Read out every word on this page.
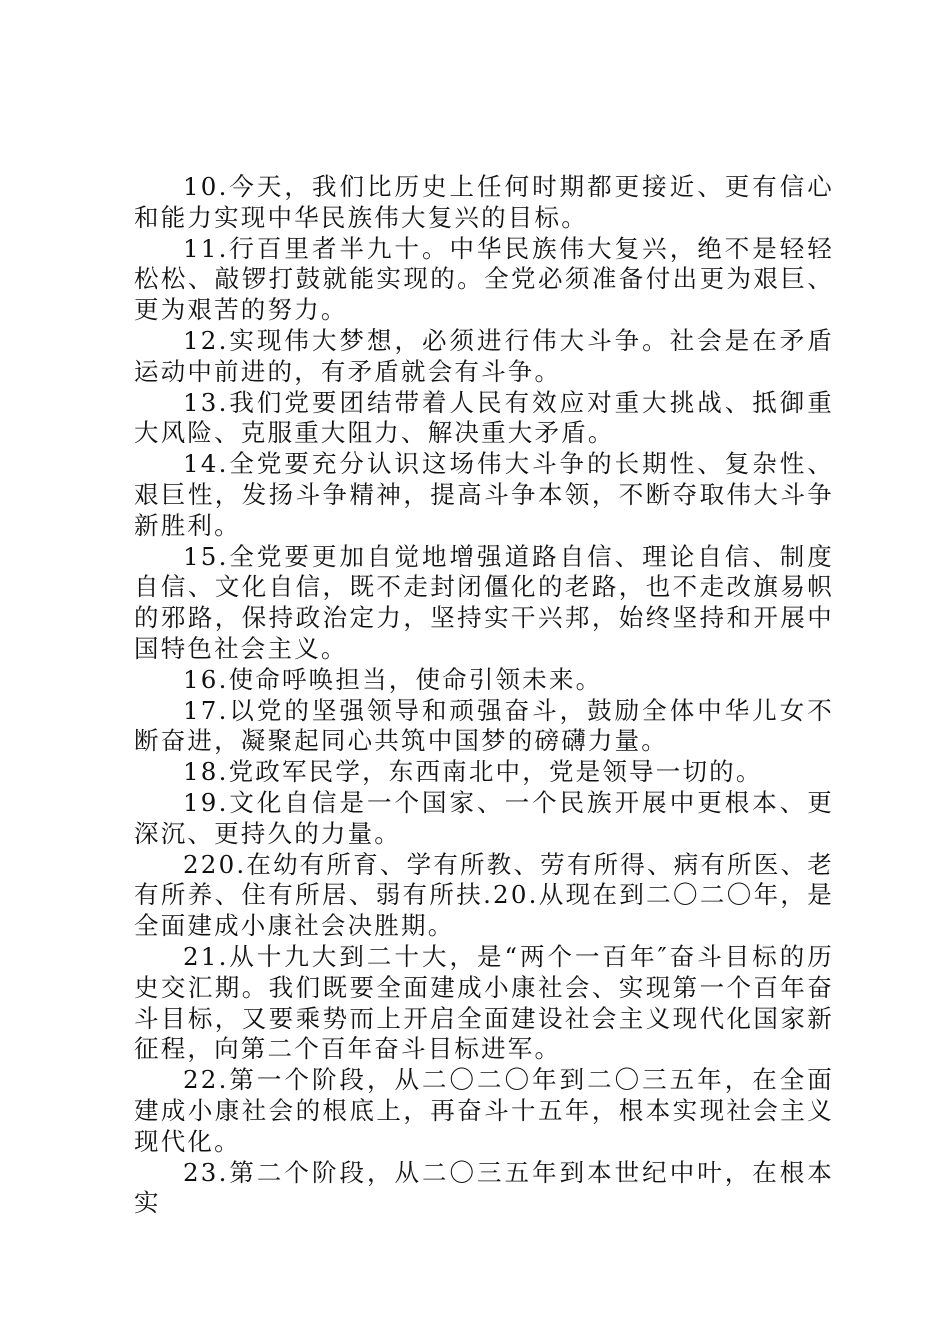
10.今天，我们比历史上任何时期都更接近、更有信心和能力实现中华民族伟大复兴的目标。

11.行百里者半九十。中华民族伟大复兴，绝不是轻轻松松、敲锣打鼓就能实现的。全党必须准备付出更为艰巨、更为艰苦的努力。

12.实现伟大梦想，必须进行伟大斗争。社会是在矛盾运动中前进的，有矛盾就会有斗争。

13.我们党要团结带着人民有效应对重大挑战、抵御重大风险、克服重大阻力、解决重大矛盾。

14.全党要充分认识这场伟大斗争的长期性、复杂性、艰巨性，发扬斗争精神，提高斗争本领，不断夺取伟大斗争新胜利。

15.全党要更加自觉地增强道路自信、理论自信、制度自信、文化自信，既不走封闭僵化的老路，也不走改旗易帜的邪路，保持政治定力，坚持实干兴邦，始终坚持和开展中国特色社会主义。

16.使命呼唤担当，使命引领未来。

17.以党的坚强领导和顽强奋斗，鼓励全体中华儿女不断奋进，凝聚起同心共筑中国梦的磅礴力量。

18.党政军民学，东西南北中，党是领导一切的。

19.文化自信是一个国家、一个民族开展中更根本、更深沉、更持久的力量。

220.在幼有所育、学有所教、劳有所得、病有所医、老有所养、住有所居、弱有所扶.20.从现在到二〇二〇年，是全面建成小康社会决胜期。

21.从十九大到二十大，是“两个一百年″奋斗目标的历史交汇期。我们既要全面建成小康社会、实现第一个百年奋斗目标，又要乘势而上开启全面建设社会主义现代化国家新征程，向第二个百年奋斗目标进军。

22.第一个阶段，从二〇二〇年到二〇三五年，在全面建成小康社会的根底上，再奋斗十五年，根本实现社会主义现代化。

23.第二个阶段，从二〇三五年到本世纪中叶，在根本实
